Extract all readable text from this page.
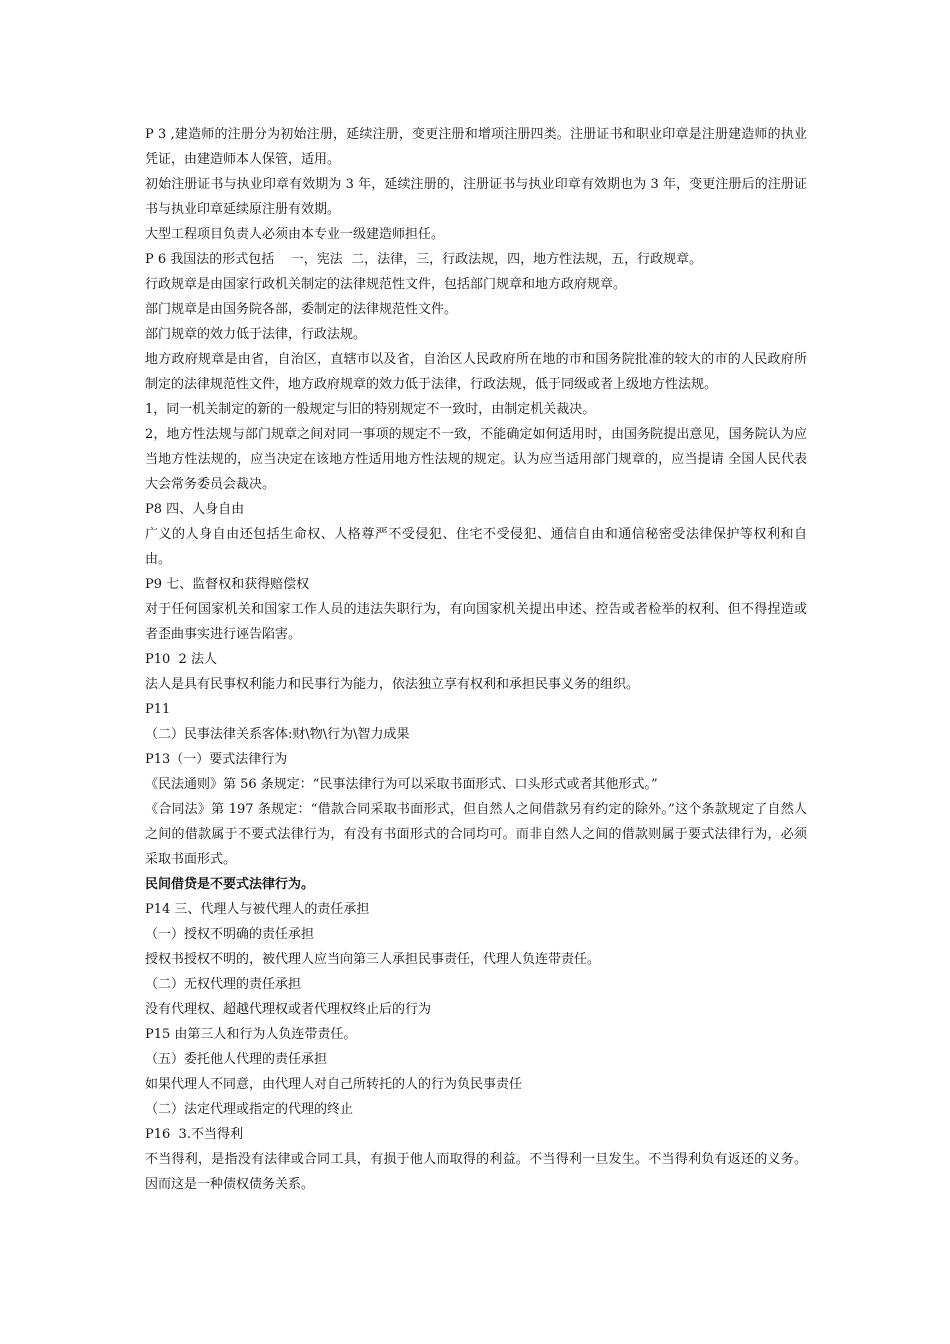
P 3 ,建造师的注册分为初始注册，延续注册，变更注册和增项注册四类。注册证书和职业印章是注册建造师的执业凭证，由建造师本人保管，适用。

初始注册证书与执业印章有效期为 3 年，延续注册的，注册证书与执业印章有效期也为 3 年，变更注册后的注册证书与执业印章延续原注册有效期。

大型工程项目负责人必须由本专业一级建造师担任。

P 6 我国法的形式包括    一，宪法  二，法律，三，行政法规，四，地方性法规，五，行政规章。

行政规章是由国家行政机关制定的法律规范性文件，包括部门规章和地方政府规章。

部门规章是由国务院各部，委制定的法律规范性文件。

部门规章的效力低于法律，行政法规。

地方政府规章是由省，自治区，直辖市以及省，自治区人民政府所在地的市和国务院批准的较大的市的人民政府所制定的法律规范性文件，地方政府规章的效力低于法律，行政法规，低于同级或者上级地方性法规。

1，同一机关制定的新的一般规定与旧的特别规定不一致时，由制定机关裁决。

2，地方性法规与部门规章之间对同一事项的规定不一致，不能确定如何适用时，由国务院提出意见，国务院认为应当地方性法规的，应当决定在该地方性适用地方性法规的规定。认为应当适用部门规章的，应当提请 全国人民代表大会常务委员会裁决。

P8 四、人身自由

广义的人身自由还包括生命权、人格尊严不受侵犯、住宅不受侵犯、通信自由和通信秘密受法律保护等权利和自由。

P9 七、监督权和获得赔偿权

对于任何国家机关和国家工作人员的违法失职行为，有向国家机关提出申述、控告或者检举的权利、但不得捏造或者歪曲事实进行诬告陷害。

P10  2 法人

法人是具有民事权利能力和民事行为能力，依法独立享有权利和承担民事义务的组织。

P11

（二）民事法律关系客体:财\物\行为\智力成果

P13（一）要式法律行为

《民法通则》第 56 条规定：“民事法律行为可以采取书面形式、口头形式或者其他形式。”

《合同法》第 197 条规定：“借款合同采取书面形式，但自然人之间借款另有约定的除外。”这个条款规定了自然人之间的借款属于不要式法律行为，有没有书面形式的合同均可。而非自然人之间的借款则属于要式法律行为，必须采取书面形式。

民间借贷是不要式法律行为。

P14 三、代理人与被代理人的责任承担

（一）授权不明确的责任承担

授权书授权不明的，被代理人应当向第三人承担民事责任，代理人负连带责任。

（二）无权代理的责任承担

没有代理权、超越代理权或者代理权终止后的行为

P15 由第三人和行为人负连带责任。

（五）委托他人代理的责任承担

如果代理人不同意，由代理人对自己所转托的人的行为负民事责任

（二）法定代理或指定的代理的终止

P16  3.不当得利

不当得利，是指没有法律或合同工具，有损于他人而取得的利益。不当得利一旦发生。不当得利负有返还的义务。因而这是一种债权债务关系。
